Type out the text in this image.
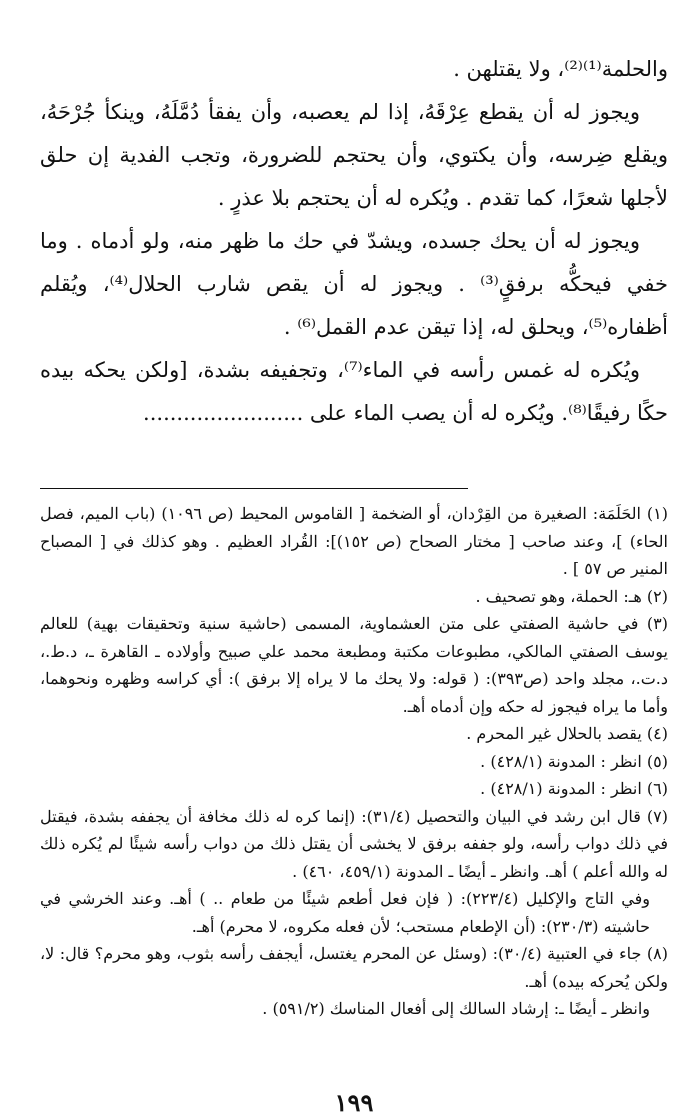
والحلمة⁽¹⁾⁽²⁾، ولا يقتلهن .

ويجوز له أن يقطع عِرْقَهُ، إذا لم يعصبه، وأن يفقأ دُمَّلَهُ، وينكأ جُرْحَهُ، ويقلع ضِرسه، وأن يكتوي، وأن يحتجم للضرورة، وتجب الفدية إن حلق لأجلها شعرًا، كما تقدم . ويُكره له أن يحتجم بلا عذرٍ .

ويجوز له أن يحك جسده، ويشدّ في حك ما ظهر منه، ولو أدماه . وما خفي فيحكُّه برفقٍ⁽³⁾ . ويجوز له أن يقص شارب الحلال⁽⁴⁾، ويُقلم أظفاره⁽⁵⁾، ويحلق له، إذا تيقن عدم القمل⁽⁶⁾ .

ويُكره له غمس رأسه في الماء⁽⁷⁾، وتجفيفه بشدة، [ولكن يحكه بيده حكًا رفيقًا⁽⁸⁾. ويُكره له أن يصب الماء على ........................

(١) الحَلَمَة: الصغيرة من القِرْدان، أو الضخمة [ القاموس المحيط (ص ١٠٩٦) (باب الميم، فصل الحاء) ]، وعند صاحب [ مختار الصحاح (ص ١٥٢)]: القُراد العظيم . وهو كذلك في [ المصباح المنير ص ٥٧ ] .

(٢) هـ: الحملة، وهو تصحيف .

(٣) في حاشية الصفتي على متن العشماوية، المسمى (حاشية سنية وتحقيقات بهية) للعالم يوسف الصفتي المالكي، مطبوعات مكتبة ومطبعة محمد علي صبيح وأولاده ـ القاهرة ـ، د.ط.، د.ت.، مجلد واحد (ص٣٩٣): ( قوله: ولا يحك ما لا يراه إلا برفق ): أي كراسه وظهره ونحوهما، وأما ما يراه فيجوز له حكه وإن أدماه أهـ.

(٤) يقصد بالحلال غير المحرم .

(٥) انظر : المدونة (٤٢٨/١) .

(٦) انظر : المدونة (٤٢٨/١) .

(٧) قال ابن رشد في البيان والتحصيل (٣١/٤): (إنما كره له ذلك مخافة أن يجففه بشدة، فيقتل في ذلك دواب رأسه، ولو جففه برفق لا يخشى أن يقتل ذلك من دواب رأسه شيئًا لم يُكره ذلك له والله أعلم ) أهـ. وانظر ـ أيضًا ـ المدونة (٤٥٩/١، ٤٦٠) .

وفي التاج والإكليل (٢٢٣/٤): ( فإن فعل أطعم شيئًا من طعام .. ) أهـ. وعند الخرشي في حاشيته (٢٣٠/٣): (أن الإطعام مستحب؛ لأن فعله مكروه، لا محرم) أهـ.

(٨) جاء في العتبية (٣٠/٤): (وسئل عن المحرم يغتسل، أيجفف رأسه بثوب، وهو محرم؟ قال: لا، ولكن يُحركه بيده) أهـ.

وانظر ـ أيضًا ـ: إرشاد السالك إلى أفعال المناسك (٥٩١/٢) .

١٩٩
